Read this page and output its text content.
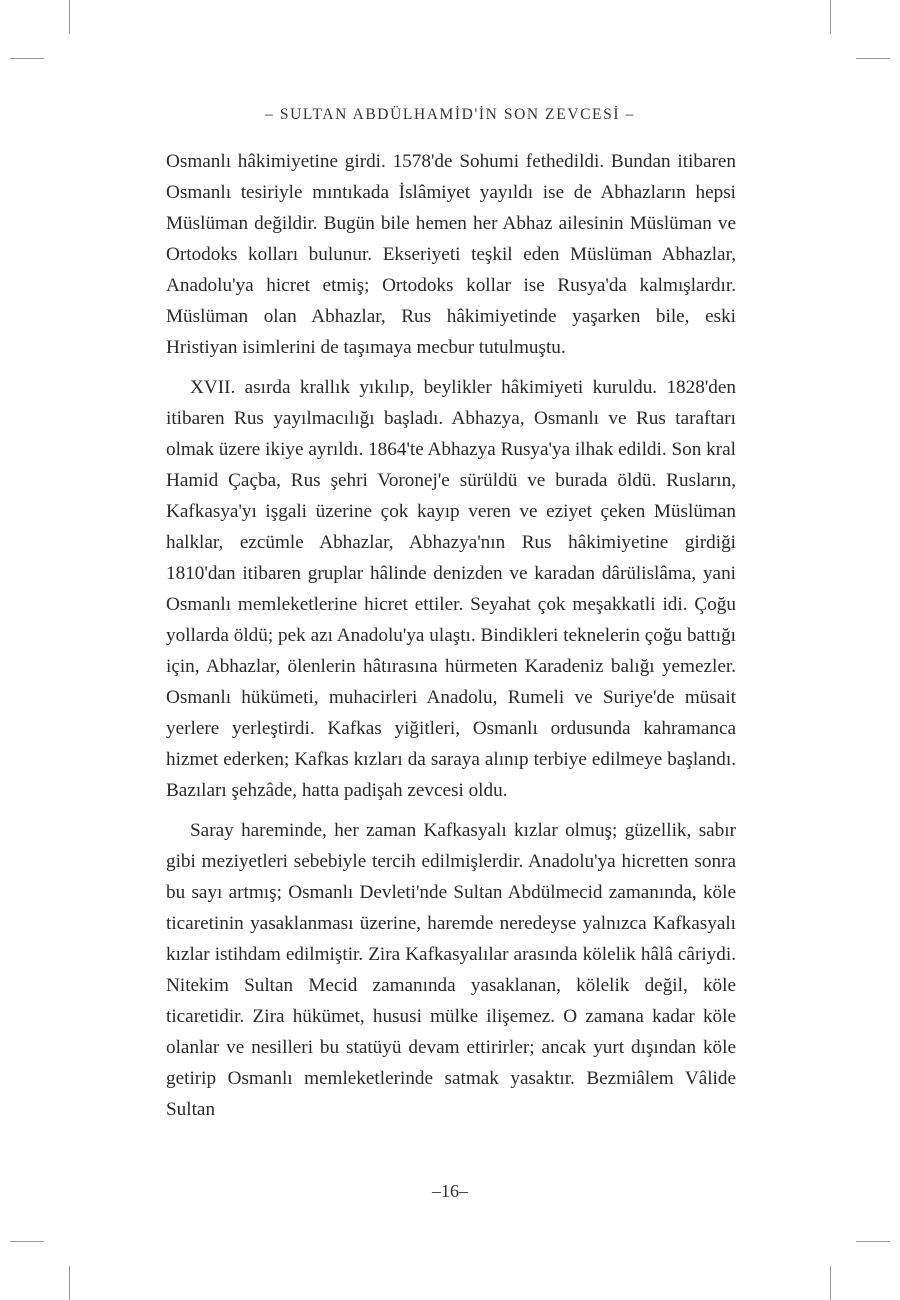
– SULTAN ABDÜLHAMİD'İN SON ZEVCESİ –

Osmanlı hâkimiyetine girdi. 1578'de Sohumi fethedildi. Bundan itibaren Osmanlı tesiriyle mıntıkada İslâmiyet yayıldı ise de Abhazların hepsi Müslüman değildir. Bugün bile hemen her Abhaz ailesinin Müslüman ve Ortodoks kolları bulunur. Ekseriyeti teşkil eden Müslüman Abhazlar, Anadolu'ya hicret etmiş; Ortodoks kollar ise Rusya'da kalmışlardır. Müslüman olan Abhazlar, Rus hâkimiyetinde yaşarken bile, eski Hristiyan isimlerini de taşımaya mecbur tutulmuştu.

XVII. asırda krallık yıkılıp, beylikler hâkimiyeti kuruldu. 1828'den itibaren Rus yayılmacılığı başladı. Abhazya, Osmanlı ve Rus taraftarı olmak üzere ikiye ayrıldı. 1864'te Abhazya Rusya'ya ilhak edildi. Son kral Hamid Çaçba, Rus şehri Voronej'e sürüldü ve burada öldü. Rusların, Kafkasya'yı işgali üzerine çok kayıp veren ve eziyet çeken Müslüman halklar, ezcümle Abhazlar, Abhazya'nın Rus hâkimiyetine girdiği 1810'dan itibaren gruplar hâlinde denizden ve karadan dârülislâma, yani Osmanlı memleketlerine hicret ettiler. Seyahat çok meşakkatli idi. Çoğu yollarda öldü; pek azı Anadolu'ya ulaştı. Bindikleri teknelerin çoğu battığı için, Abhazlar, ölenlerin hâtırasına hürmeten Karadeniz balığı yemezler. Osmanlı hükümeti, muhacirleri Anadolu, Rumeli ve Suriye'de müsait yerlere yerleştirdi. Kafkas yiğitleri, Osmanlı ordusunda kahramanca hizmet ederken; Kafkas kızları da saraya alınıp terbiye edilmeye başlandı. Bazıları şehzâde, hatta padişah zevcesi oldu.

Saray hareminde, her zaman Kafkasyalı kızlar olmuş; güzellik, sabır gibi meziyetleri sebebiyle tercih edilmişlerdir. Anadolu'ya hicretten sonra bu sayı artmış; Osmanlı Devleti'nde Sultan Abdülmecid zamanında, köle ticaretinin yasaklanması üzerine, haremde neredeyse yalnızca Kafkasyalı kızlar istihdam edilmiştir. Zira Kafkasyalılar arasında kölelik hâlâ câriydi. Nitekim Sultan Mecid zamanında yasaklanan, kölelik değil, köle ticaretidir. Zira hükümet, hususi mülke ilişemez. O zamana kadar köle olanlar ve nesilleri bu statüyü devam ettirirler; ancak yurt dışından köle getirip Osmanlı memleketlerinde satmak yasaktır. Bezmiâlem Vâlide Sultan

–16–
